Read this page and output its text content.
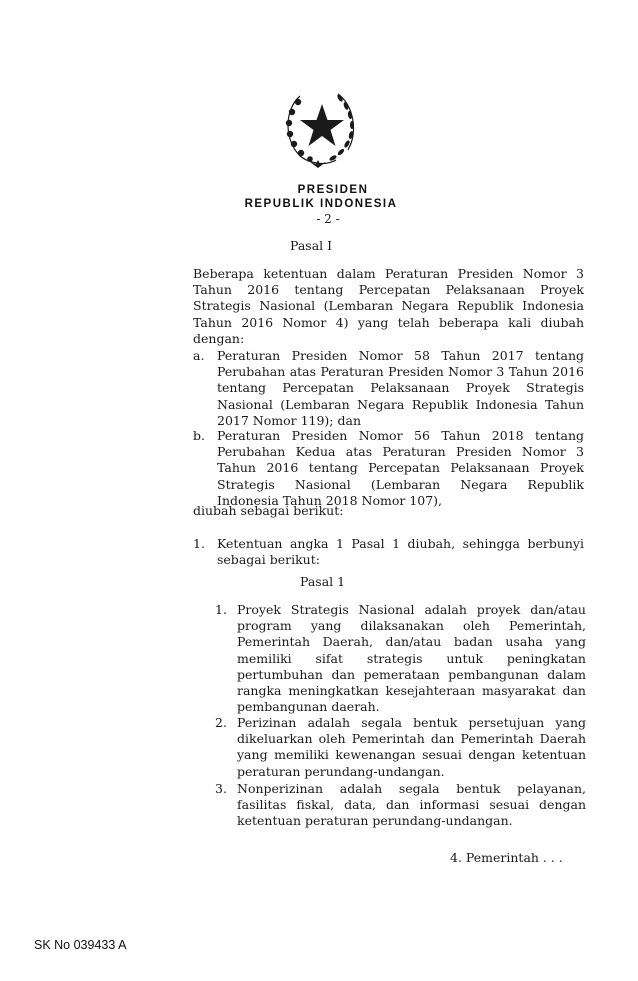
PRESIDEN
REPUBLIK INDONESIA
- 2 -
Pasal I
Beberapa ketentuan dalam Peraturan Presiden Nomor 3 Tahun 2016 tentang Percepatan Pelaksanaan Proyek Strategis Nasional (Lembaran Negara Republik Indonesia Tahun 2016 Nomor 4) yang telah beberapa kali diubah dengan:
a. Peraturan Presiden Nomor 58 Tahun 2017 tentang Perubahan atas Peraturan Presiden Nomor 3 Tahun 2016 tentang Percepatan Pelaksanaan Proyek Strategis Nasional (Lembaran Negara Republik Indonesia Tahun 2017 Nomor 119); dan
b. Peraturan Presiden Nomor 56 Tahun 2018 tentang Perubahan Kedua atas Peraturan Presiden Nomor 3 Tahun 2016 tentang Percepatan Pelaksanaan Proyek Strategis Nasional (Lembaran Negara Republik Indonesia Tahun 2018 Nomor 107),
diubah sebagai berikut:
1. Ketentuan angka 1 Pasal 1 diubah, sehingga berbunyi sebagai berikut:
Pasal 1
1. Proyek Strategis Nasional adalah proyek dan/atau program yang dilaksanakan oleh Pemerintah, Pemerintah Daerah, dan/atau badan usaha yang memiliki sifat strategis untuk peningkatan pertumbuhan dan pemerataan pembangunan dalam rangka meningkatkan kesejahteraan masyarakat dan pembangunan daerah.
2. Perizinan adalah segala bentuk persetujuan yang dikeluarkan oleh Pemerintah dan Pemerintah Daerah yang memiliki kewenangan sesuai dengan ketentuan peraturan perundang-undangan.
3. Nonperizinan adalah segala bentuk pelayanan, fasilitas fiskal, data, dan informasi sesuai dengan ketentuan peraturan perundang-undangan.
4. Pemerintah . . .
SK No 039433 A
